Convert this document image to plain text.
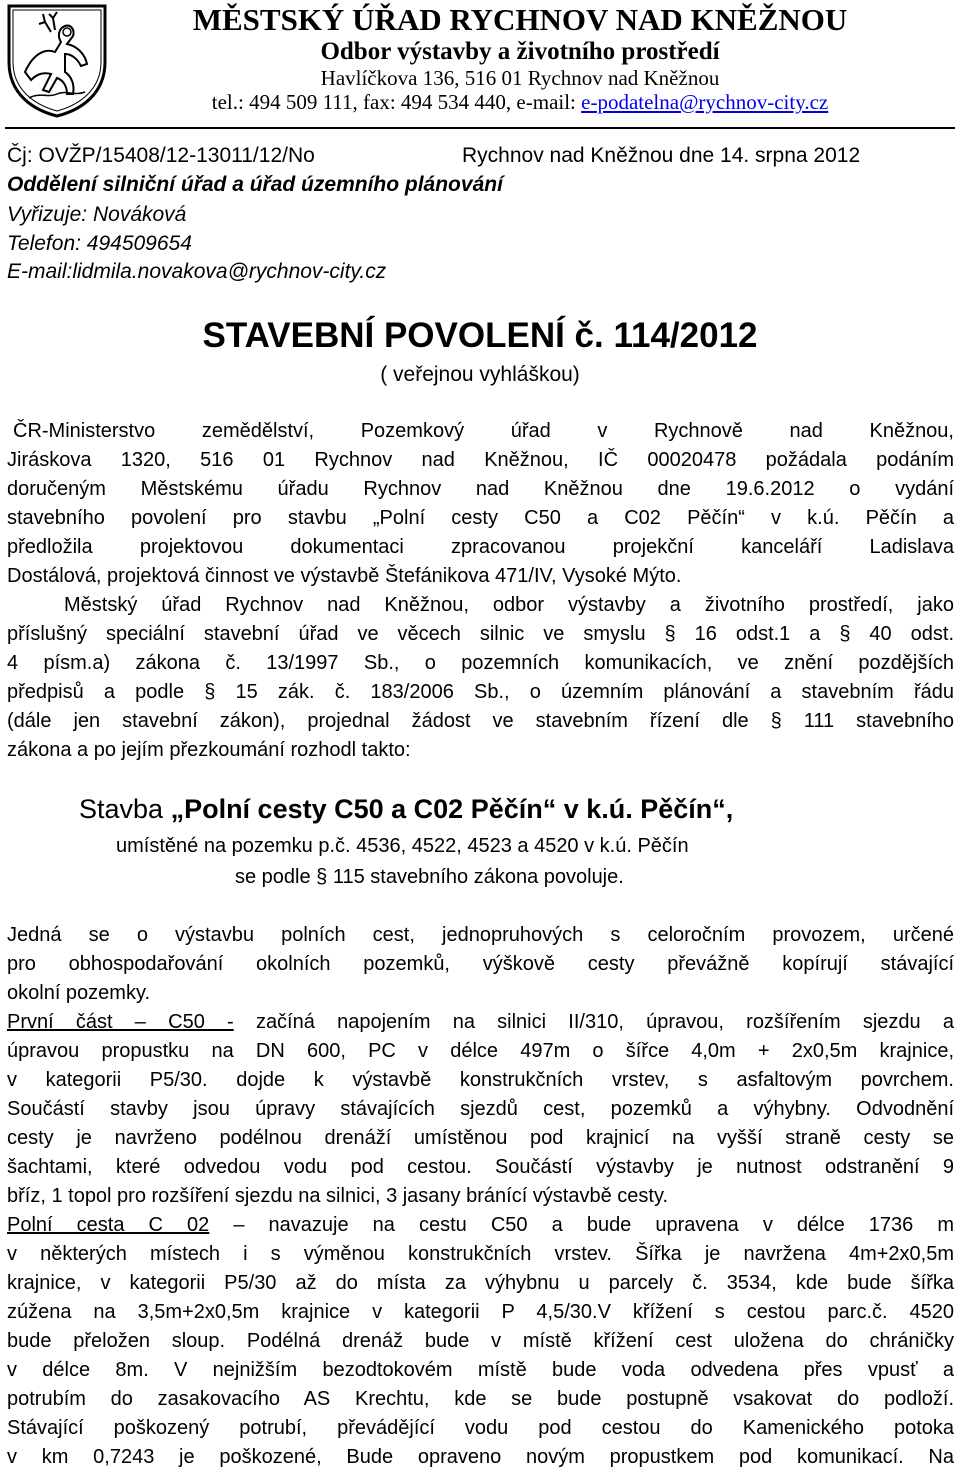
MĚSTSKÝ ÚŘAD RYCHNOV NAD KNĚŽNOU
Odbor výstavby a životního prostředí
Havlíčkova 136, 516 01 Rychnov nad Kněžnou
tel.: 494 509 111, fax: 494 534 440, e-mail: e-podatelna@rychnov-city.cz
Čj: OVŽP/15408/12-13011/12/No	Rychnov nad Kněžnou dne 14. srpna 2012
Oddělení silniční úřad a úřad územního plánování
Vyřizuje: Nováková
Telefon: 494509654
E-mail:lidmila.novakova@rychnov-city.cz
STAVEBNÍ POVOLENÍ č. 114/2012
( veřejnou vyhláškou)
ČR-Ministerstvo zemědělství, Pozemkový úřad v Rychnově nad Kněžnou,
Jiráskova 1320, 516 01 Rychnov nad Kněžnou, IČ 00020478 požádala podáním
doručeným Městskému úřadu Rychnov nad Kněžnou dne 19.6.2012 o vydání
stavebního povolení pro stavbu „Polní cesty C50 a C02 Pěčín“ v k.ú. Pěčín a
předložila projektovou dokumentaci zpracovanou projekční kanceláří Ladislava
Dostálová, projektová činnost ve výstavbě Štefánikova 471/IV, Vysoké Mýto.
Městský úřad Rychnov nad Kněžnou, odbor výstavby a životního prostředí, jako
příslušný speciální stavební úřad ve věcech silnic ve smyslu § 16 odst.1 a § 40 odst.
4 písm.a) zákona č. 13/1997 Sb., o pozemních komunikacích, ve znění pozdějších
předpisů a podle § 15 zák. č. 183/2006 Sb., o územním plánování a stavebním řádu
(dále jen stavební zákon), projednal žádost ve stavebním řízení dle § 111 stavebního
zákona a po jejím přezkoumání rozhodl takto:
Stavba „Polní cesty C50 a C02 Pěčín“ v k.ú. Pěčín“,
umístěné na pozemku p.č. 4536, 4522, 4523 a 4520 v k.ú. Pěčín
se podle § 115 stavebního zákona povoluje.
Jedná se o výstavbu polních cest, jednopruhových s celoročním provozem, určené
pro obhospodařování okolních pozemků, výškově cesty převážně kopírují stávající
okolní pozemky.
První část – C50 - začíná napojením na silnici II/310, úpravou, rozšířením sjezdu a
úpravou propustku na DN 600, PC v délce 497m o šířce 4,0m + 2x0,5m krajnice,
v kategorii P5/30. dojde k výstavbě konstrukčních vrstev, s asfaltovým povrchem.
Součástí stavby jsou úpravy stávajících sjezdů cest, pozemků a výhybny. Odvodnění
cesty je navrženo podélnou drenáží umístěnou pod krajnicí na vyšší straně cesty se
šachtami, které odvedou vodu pod cestou. Součástí výstavby je nutnost odstranění 9
bříz, 1 topol pro rozšíření sjezdu na silnici, 3 jasany bránící výstavbě cesty.
Polní cesta C 02 – navazuje na cestu C50 a bude upravena v délce 1736 m
v některých místech i s výměnou konstrukčních vrstev. Šířka je navržena 4m+2x0,5m
krajnice, v kategorii P5/30 až do místa za výhybnu u parcely č. 3534, kde bude šířka
zúžena na 3,5m+2x0,5m krajnice v kategorii P 4,5/30.V křížení s cestou parc.č. 4520
bude přeložen sloup. Podélná drenáž bude v místě křížení cest uložena do chráničky
v délce 8m. V nejnižším bezodtokovém místě bude voda odvedena přes vpusť a
potrubím do zasakovacího AS Krechtu, kde se bude postupně vsakovat do podloží.
Stávající poškozený potrubí, převádějící vodu pod cestou do Kamenického potoka
v km 0,7243 je poškozené, Bude opraveno novým propustkem pod komunikací. Na
